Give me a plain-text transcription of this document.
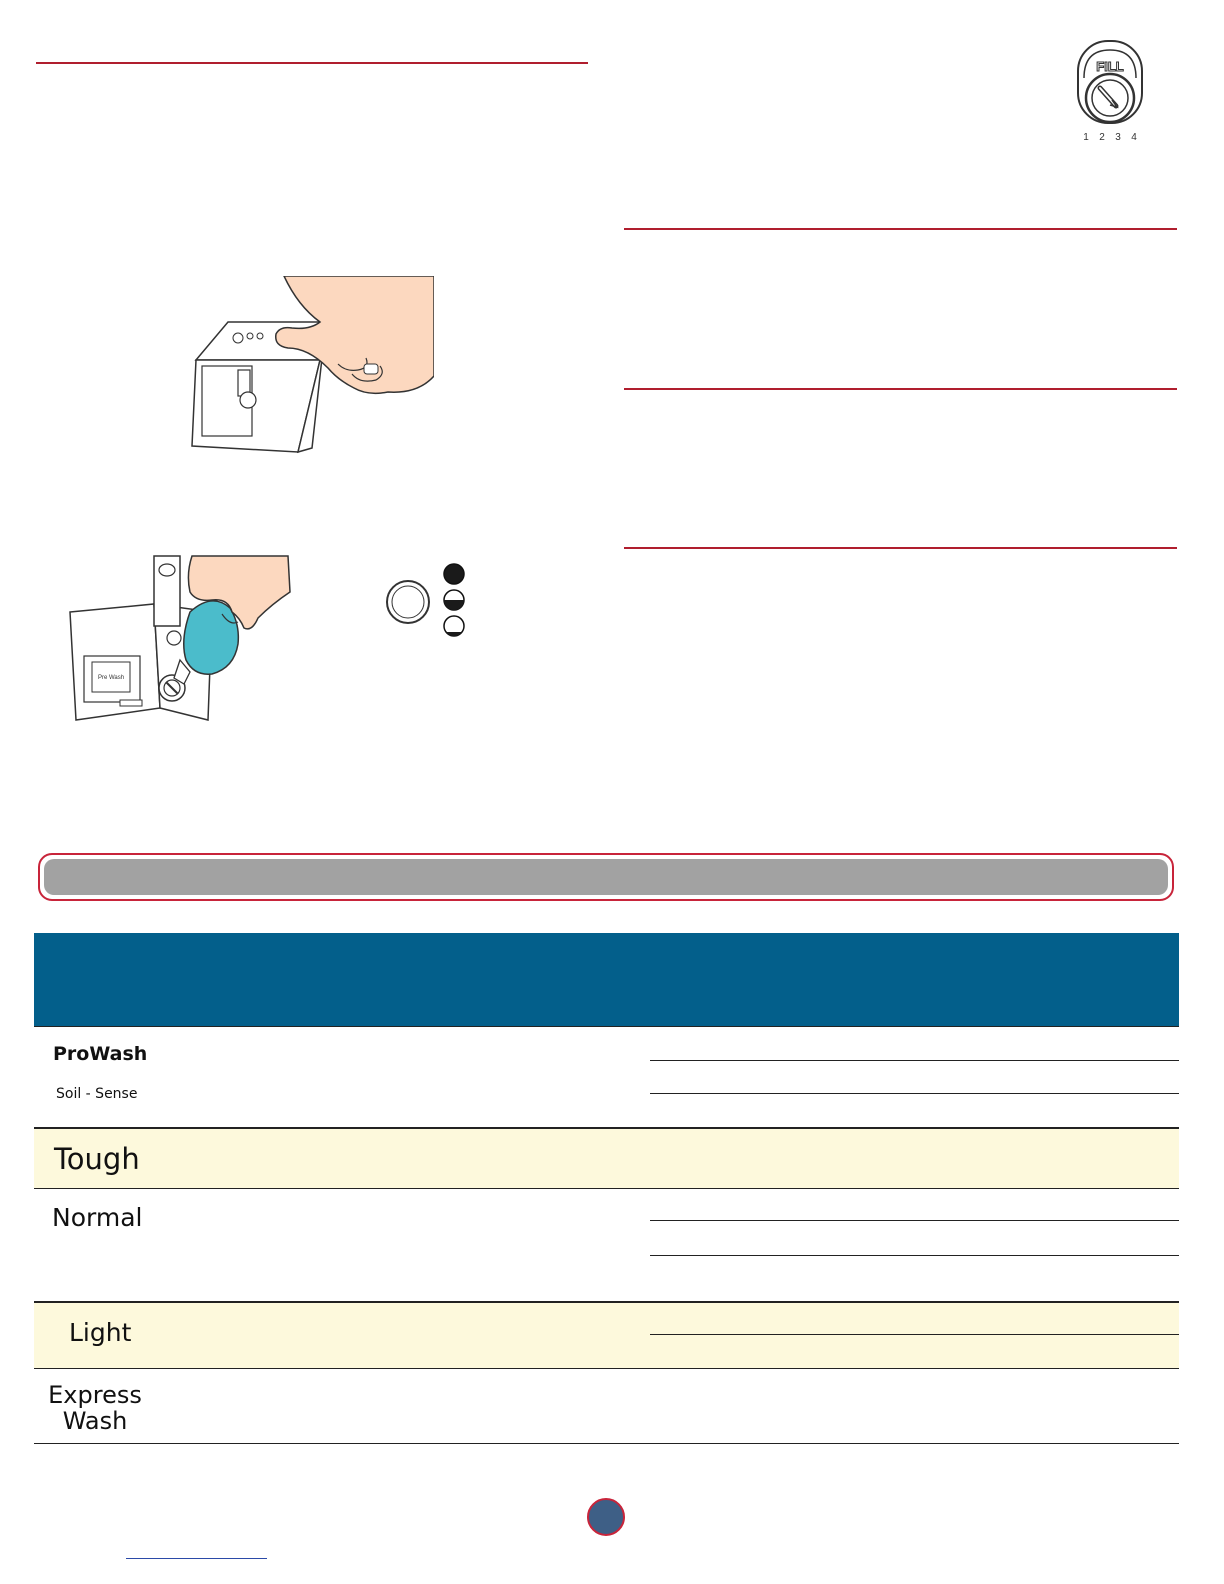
FILL
1 2 3 4
Pre Wash
ProWash
Soil - Sense
Tough
Normal
Light
Express
Wash
